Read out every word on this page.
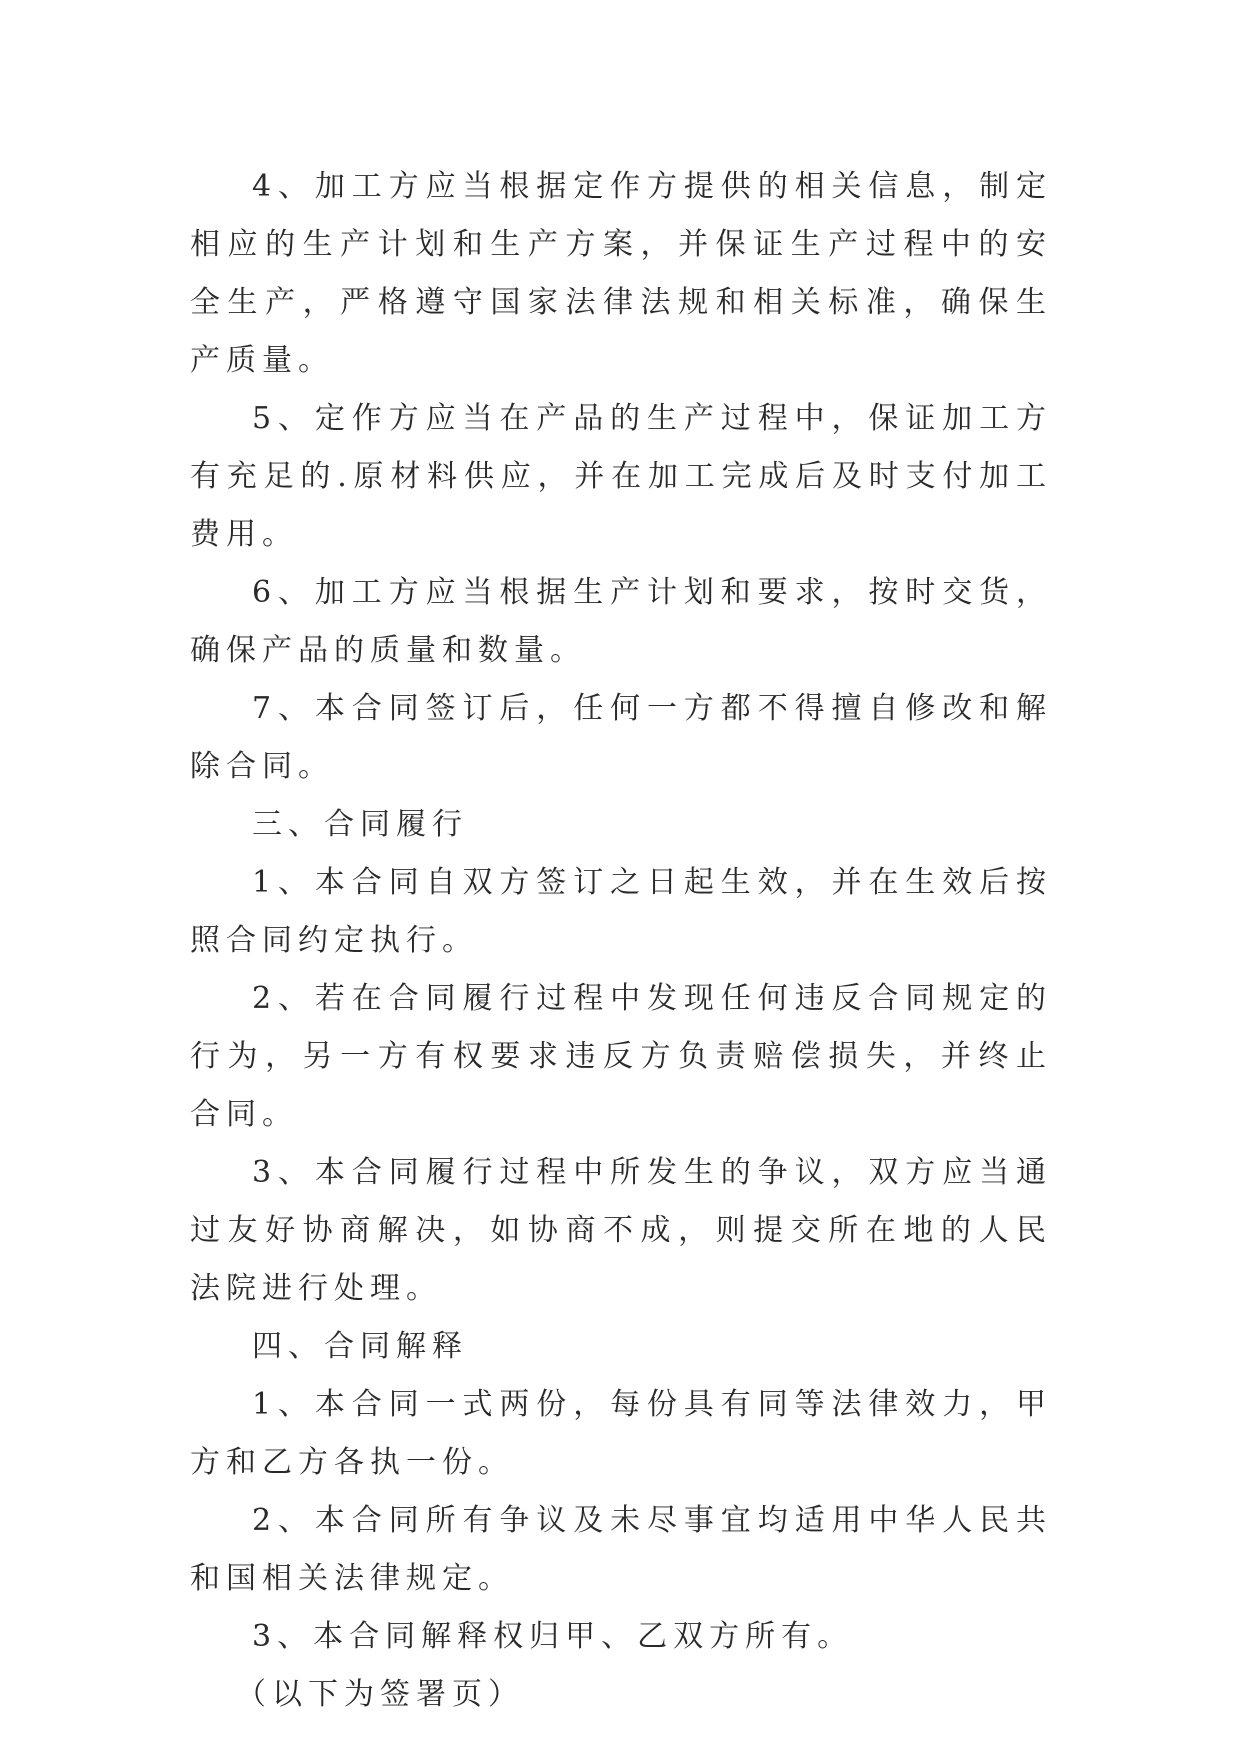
4、加工方应当根据定作方提供的相关信息，制定相应的生产计划和生产方案，并保证生产过程中的安全生产，严格遵守国家法律法规和相关标准，确保生产质量。

5、定作方应当在产品的生产过程中，保证加工方有充足的.原材料供应，并在加工完成后及时支付加工费用。

6、加工方应当根据生产计划和要求，按时交货，确保产品的质量和数量。

7、本合同签订后，任何一方都不得擅自修改和解除合同。

三、合同履行

1、本合同自双方签订之日起生效，并在生效后按照合同约定执行。

2、若在合同履行过程中发现任何违反合同规定的行为，另一方有权要求违反方负责赔偿损失，并终止合同。

3、本合同履行过程中所发生的争议，双方应当通过友好协商解决，如协商不成，则提交所在地的人民法院进行处理。

四、合同解释

1、本合同一式两份，每份具有同等法律效力，甲方和乙方各执一份。

2、本合同所有争议及未尽事宜均适用中华人民共和国相关法律规定。

3、本合同解释权归甲、乙双方所有。

（以下为签署页）
